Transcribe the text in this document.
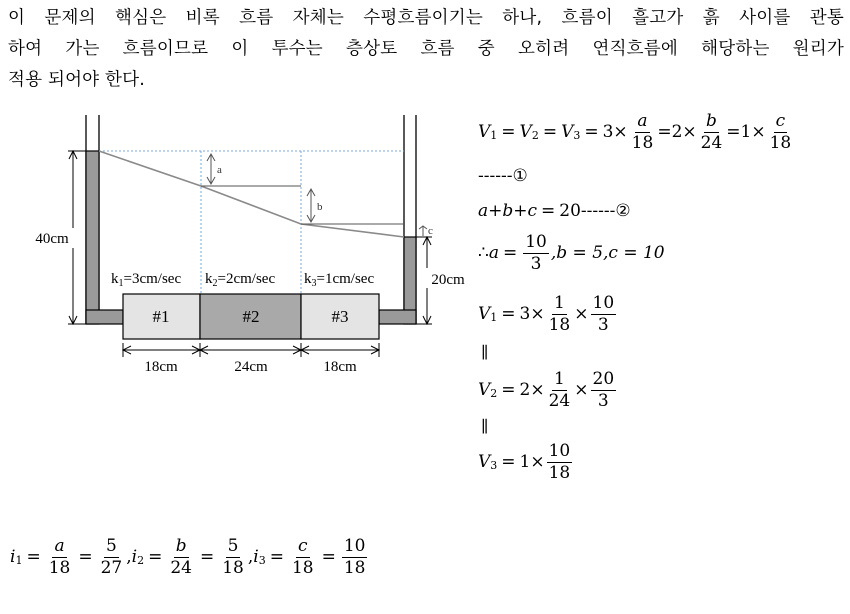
이 문제의 핵심은 비록 흐름 자체는 수평흐름이기는 하나, 흐름이 흘고가 흙 사이를 관통
하여 가는 흐름이므로 이 투수는 층상토 흐름 중 오히려 연직흐름에 해당하는 원리가
적용 되어야 한다.
#1	#2	#3
a
b
c
40cm
20cm
$k_1=3cm/\sec$ $k_2=2cm/\sec$ $k_3=1cm/\sec$
18cm	24cm	18cm
$V_1 = V_2 = V_3 = 3 \times \frac{a}{18} = 2 \times \frac{b}{24} = 1 \times \frac{c}{18}$
------①
a+b+c = 20------②
∴ $a = \frac{10}{3} ,b = 5,c = 10$
$V_1 = 3 \times \frac{1}{18} \times \frac{10}{3}$
∥
$V_2 = 2 \times \frac{1}{24} \times \frac{20}{3}$
∥
$V_3 = 1 \times \frac{10}{18}$
$i_1 = \frac{a}{18} = \frac{5}{27}$ , $i_2 = \frac{b}{24} = \frac{5}{18}$ , $i_3 = \frac{c}{18} = \frac{10}{18}$
